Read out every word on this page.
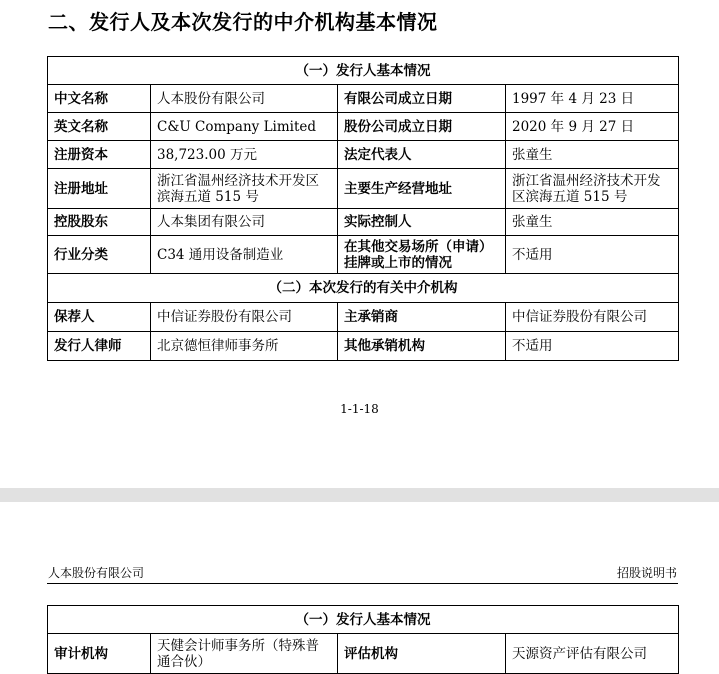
二、发行人及本次发行的中介机构基本情况
（一）发行人基本情况			
中文名称	人本股份有限公司	有限公司成立日期	1997 年 4 月 23 日
英文名称	C&U Company Limited	股份公司成立日期	2020 年 9 月 27 日
注册资本	38,723.00 万元	法定代表人	张童生
注册地址	浙江省温州经济技术开发区滨海五道 515 号	主要生产经营地址	浙江省温州经济技术开发区滨海五道 515 号
控股股东	人本集团有限公司	实际控制人	张童生
行业分类	C34 通用设备制造业	在其他交易场所（申请）挂牌或上市的情况	不适用
（二）本次发行的有关中介机构			
保荐人	中信证券股份有限公司	主承销商	中信证券股份有限公司
发行人律师	北京德恒律师事务所	其他承销机构	不适用
1-1-18
人本股份有限公司	招股说明书
（一）发行人基本情况
审计机构	天健会计师事务所（特殊普通合伙）	评估机构	天源资产评估有限公司
